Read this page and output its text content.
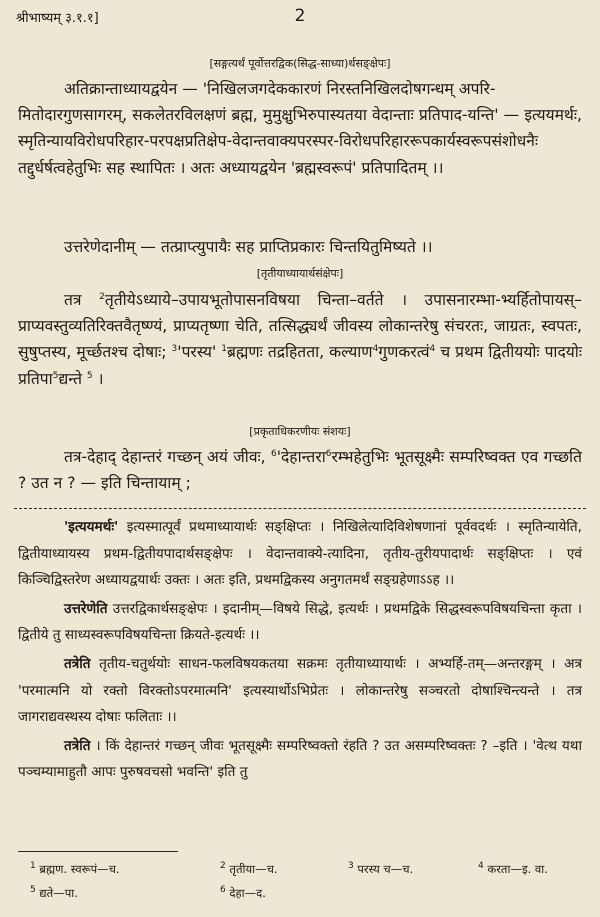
श्रीभाष्यम् ३.१.१]	2

[सङ्गत्यर्थं पूर्वोत्तरद्विक(सिद्ध-साध्या)र्थसङ्क्षेपः]

अतिक्रान्ताध्यायद्वयेन — 'निखिलजगदेककारणं निरस्तनिखिलदोषगन्धम् अपरि-
मितोदारगुणसागरम्, सकलेतरविलक्षणं ब्रह्म, मुमुक्षुभिरुपास्यतया वेदान्ताः प्रतिपाद-यन्ति' — इत्ययमर्थः, स्मृतिन्यायविरोधपरिहार-परपक्षप्रतिक्षेप-वेदान्तवाक्यपरस्पर-विरोधपरिहाररूपकार्यस्वरूपसंशोधनैः तद्दुर्धर्षत्वहेतुभिः सह स्थापितः । अतः अध्यायद्वयेन 'ब्रह्मस्वरूपं' प्रतिपादितम् ।।

उत्तरेणेदानीम् — तत्प्राप्त्युपायैः सह प्राप्तिप्रकारः चिन्तयितुमिष्यते ।।

[तृतीयाध्यायार्थसंक्षेपः]

तत्र $^2$तृतीयेऽध्याये–उपायभूतोपासनविषया चिन्ता–वर्तते । उपासनारम्भा-भ्यर्हितोपायस्–प्राप्यवस्तुव्यतिरिक्तवैतृष्ण्यं, प्राप्यतृष्णा चेति, तत्सिद्ध्यर्थं जीवस्य लोकान्तरेषु संचरतः, जाग्रतः, स्वपतः, सुषुप्तस्य, मूर्च्छतश्च दोषाः; $^3$'परस्य' $^1$ब्रह्मणः तद्रहितता, कल्याण$^4$गुणकरत्वं$^4$ च प्रथम द्वितीययोः पादयोः प्रतिपा$^5$द्यन्ते $^5$ ।

[प्रकृताधिकरणीयः संशयः]

तत्र-देहाद् देहान्तरं गच्छन् अयं जीवः, $^6$'देहान्तरा$^6$रम्भहेतुभिः भूतसूक्ष्मैः सम्परिष्वक्त एव गच्छति ? उत न ? — इति चिन्तायाम् ;

'इत्ययमर्थः' इत्यस्मात्पूर्वं प्रथमाध्यायार्थः सङ्क्षिप्तः । निखिलेत्यादिविशेषणानां पूर्ववदर्थः । स्मृतिन्यायेति, द्वितीयाध्यायस्य प्रथम-द्वितीयपादार्थसङ्क्षेपः । वेदान्तवाक्ये-त्यादिना, तृतीय-तुरीयपादार्थः सङ्क्षिप्तः । एवं किञ्चिद्विस्तरेण अध्यायद्वयार्थः उक्तः । अतः इति, प्रथमद्विकस्य अनुगतमर्थं सङ्ग्रहेणाऽऽह ।।

उत्तरेणेति उत्तरद्विकार्थसङ्क्षेपः । इदानीम्—विषये सिद्धे, इत्यर्थः । प्रथमद्विके सिद्धस्वरूपविषयचिन्ता कृता । द्वितीये तु साध्यस्वरूपविषयचिन्ता क्रियते-इत्यर्थः ।।

तत्रेति तृतीय-चतुर्थयोः साधन-फलविषयकतया सक्रमः तृतीयाध्यायार्थः । अभ्यर्हि-तम्—अन्तरङ्गम् । अत्र 'परमात्मनि यो रक्तो विरक्तोऽपरमात्मनि' इत्यस्यार्थोऽभिप्रेतः । लोकान्तरेषु सञ्चरतो दोषाश्चिन्त्यन्ते । तत्र जागराद्यवस्थस्य दोषाः फलिताः ।।

तत्रेति । किं देहान्तरं गच्छन् जीवः भूतसूक्ष्मैः सम्परिष्वक्तो रंहति ? उत असम्परिष्वक्तः ? –इति । 'वेत्थ यथा पञ्चम्यामाहुतौ आपः पुरुषवचसो भवन्ति' इति तु

$^1$ ब्रह्मण. स्वरूपं—च.	$^2$ तृतीया—च.	$^3$ परस्य च—च.	$^4$ करता—इ. वा.
$^5$ द्यते—पा.	$^6$ देहा—द.
